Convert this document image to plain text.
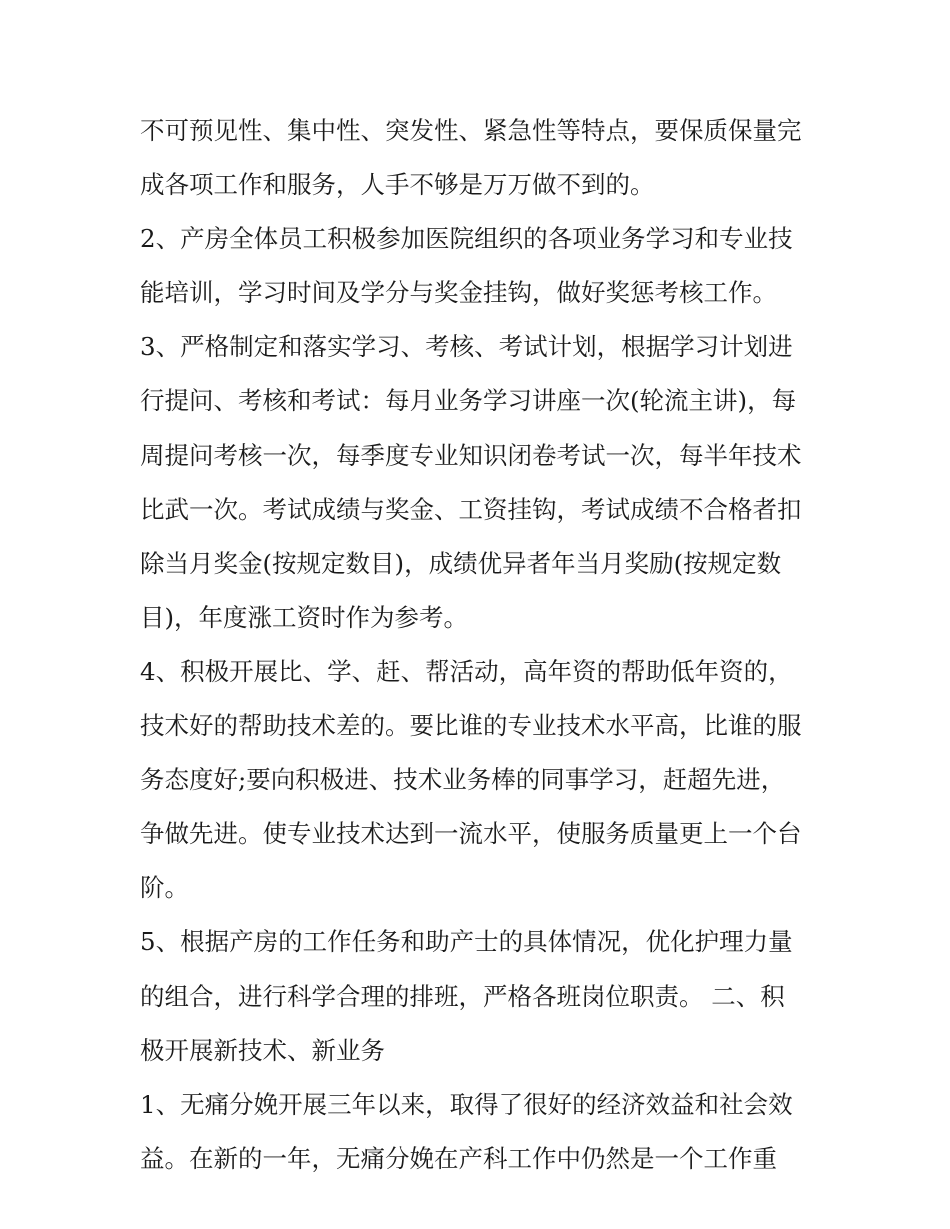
不可预见性、集中性、突发性、紧急性等特点，要保质保量完
成各项工作和服务，人手不够是万万做不到的。
2、产房全体员工积极参加医院组织的各项业务学习和专业技
能培训，学习时间及学分与奖金挂钩，做好奖惩考核工作。
3、严格制定和落实学习、考核、考试计划，根据学习计划进
行提问、考核和考试：每月业务学习讲座一次(轮流主讲)，每
周提问考核一次，每季度专业知识闭卷考试一次，每半年技术
比武一次。考试成绩与奖金、工资挂钩，考试成绩不合格者扣
除当月奖金(按规定数目)，成绩优异者年当月奖励(按规定数
目)，年度涨工资时作为参考。
4、积极开展比、学、赶、帮活动，高年资的帮助低年资的，
技术好的帮助技术差的。要比谁的专业技术水平高，比谁的服
务态度好;要向积极进、技术业务棒的同事学习，赶超先进，
争做先进。使专业技术达到一流水平，使服务质量更上一个台
阶。
5、根据产房的工作任务和助产士的具体情况，优化护理力量
的组合，进行科学合理的排班，严格各班岗位职责。 二、积
极开展新技术、新业务
1、无痛分娩开展三年以来，取得了很好的经济效益和社会效
益。在新的一年，无痛分娩在产科工作中仍然是一个工作重
